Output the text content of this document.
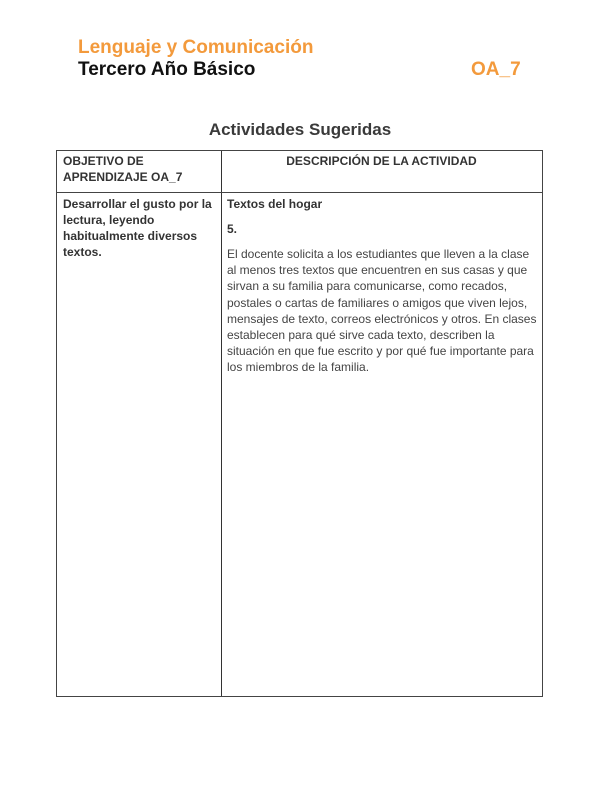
Lenguaje y Comunicación
Tercero Año Básico	OA_7
Actividades Sugeridas
OBJETIVO DE APRENDIZAJE OA_7
DESCRIPCIÓN DE LA ACTIVIDAD
Desarrollar el gusto por la lectura, leyendo habitualmente diversos textos.
Textos del hogar
5.
El docente solicita a los estudiantes que lleven a la clase al menos tres textos que encuentren en sus casas y que sirvan a su familia para comunicarse, como recados, postales o cartas de familiares o amigos que viven lejos, mensajes de texto, correos electrónicos y otros. En clases establecen para qué sirve cada texto, describen la situación en que fue escrito y por qué fue importante para los miembros de la familia.
